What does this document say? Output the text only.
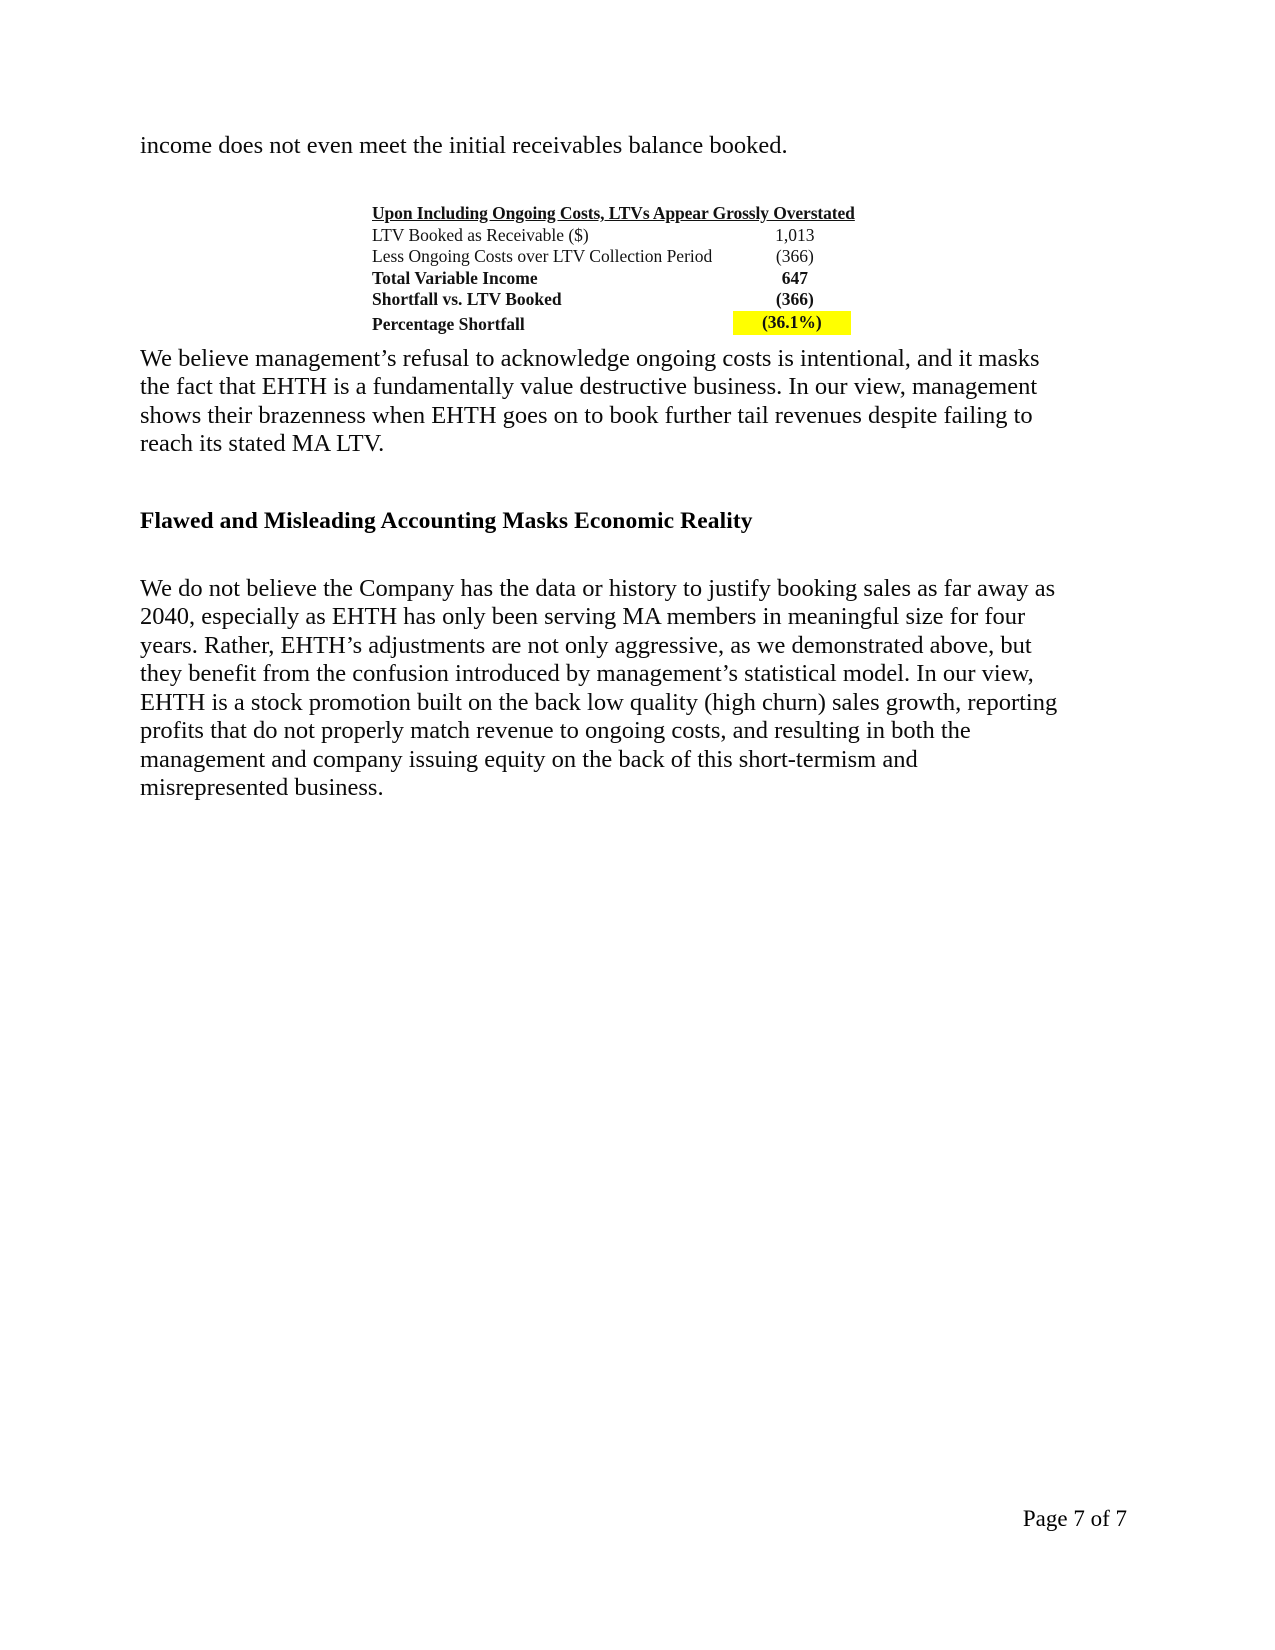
income does not even meet the initial receivables balance booked.

We believe management’s refusal to acknowledge ongoing costs is intentional, and it masks the fact that EHTH is a fundamentally value destructive business. In our view, management shows their brazenness when EHTH goes on to book further tail revenues despite failing to reach its stated MA LTV.

Flawed and Misleading Accounting Masks Economic Reality

We do not believe the Company has the data or history to justify booking sales as far away as 2040, especially as EHTH has only been serving MA members in meaningful size for four years. Rather, EHTH’s adjustments are not only aggressive, as we demonstrated above, but they benefit from the confusion introduced by management’s statistical model. In our view, EHTH is a stock promotion built on the back low quality (high churn) sales growth, reporting profits that do not properly match revenue to ongoing costs, and resulting in both the management and company issuing equity on the back of this short-termism and misrepresented business.

Upon Including Ongoing Costs, LTVs Appear Grossly Overstated	
LTV Booked as Receivable ($)	1,013
Less Ongoing Costs over LTV Collection Period	(366)
Total Variable Income	647
Shortfall vs. LTV Booked	(366)
Percentage Shortfall	(36.1%)
Page 7 of 7
